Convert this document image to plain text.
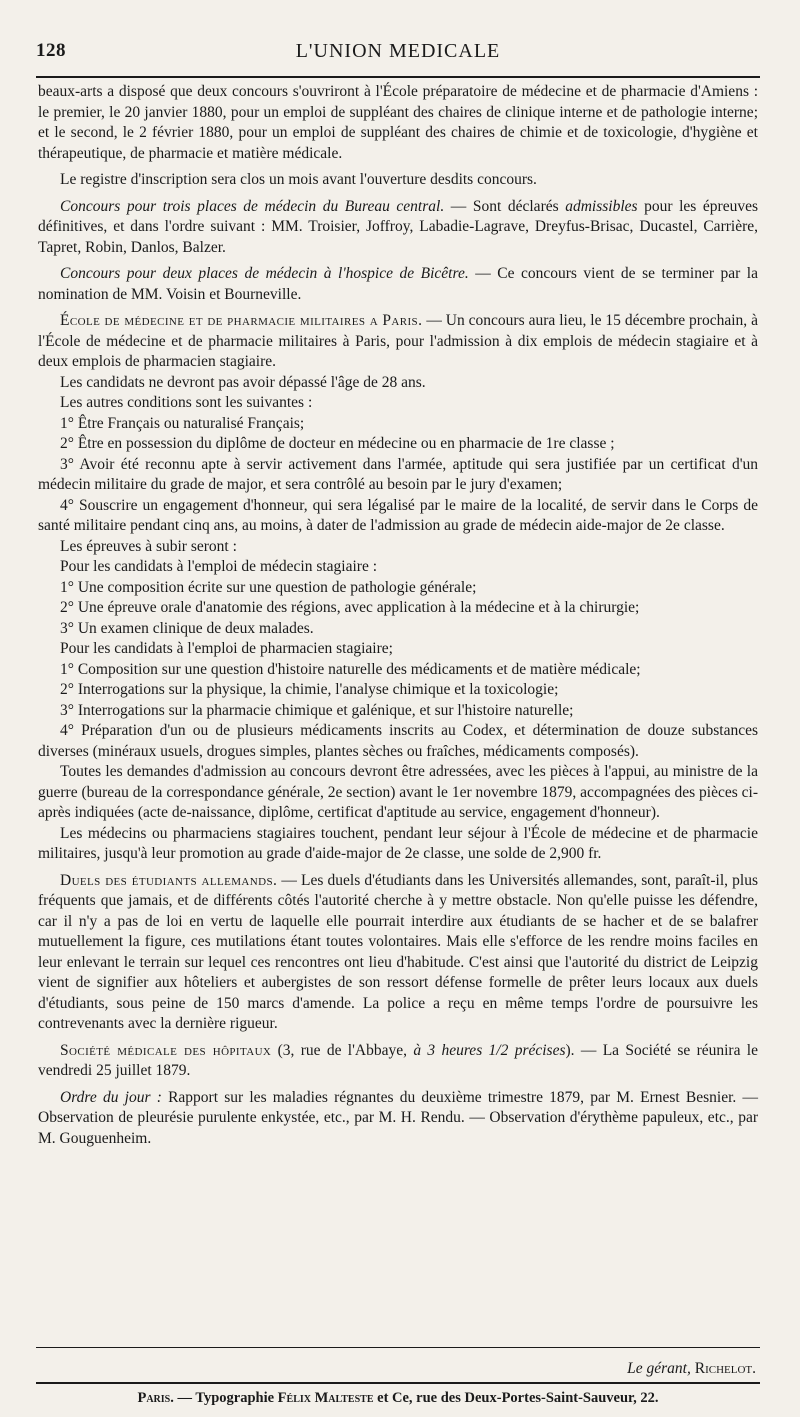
128	L'UNION MEDICALE

beaux-arts a disposé que deux concours s'ouvriront à l'École préparatoire de médecine et de pharmacie d'Amiens : le premier, le 20 janvier 1880, pour un emploi de suppléant des chaires de clinique interne et de pathologie interne; et le second, le 2 février 1880, pour un emploi de suppléant des chaires de chimie et de toxicologie, d'hygiène et thérapeutique, de pharmacie et matière médicale.

Le registre d'inscription sera clos un mois avant l'ouverture desdits concours.

Concours pour trois places de médecin du Bureau central. — Sont déclarés admissibles pour les épreuves définitives, et dans l'ordre suivant : MM. Troisier, Joffroy, Labadie-Lagrave, Dreyfus-Brisac, Ducastel, Carrière, Tapret, Robin, Danlos, Balzer.

Concours pour deux places de médecin à l'hospice de Bicêtre. — Ce concours vient de se terminer par la nomination de MM. Voisin et Bourneville.

École de médecine et de pharmacie militaires a Paris. — Un concours aura lieu, le 15 décembre prochain, à l'École de médecine et de pharmacie militaires à Paris, pour l'admission à dix emplois de médecin stagiaire et à deux emplois de pharmacien stagiaire.

Les candidats ne devront pas avoir dépassé l'âge de 28 ans.

Les autres conditions sont les suivantes :

1° Être Français ou naturalisé Français;

2° Être en possession du diplôme de docteur en médecine ou en pharmacie de 1re classe ;

3° Avoir été reconnu apte à servir activement dans l'armée, aptitude qui sera justifiée par un certificat d'un médecin militaire du grade de major, et sera contrôlé au besoin par le jury d'examen;

4° Souscrire un engagement d'honneur, qui sera légalisé par le maire de la localité, de servir dans le Corps de santé militaire pendant cinq ans, au moins, à dater de l'admission au grade de médecin aide-major de 2e classe.

Les épreuves à subir seront :

Pour les candidats à l'emploi de médecin stagiaire :

1° Une composition écrite sur une question de pathologie générale;

2° Une épreuve orale d'anatomie des régions, avec application à la médecine et à la chirurgie;

3° Un examen clinique de deux malades.

Pour les candidats à l'emploi de pharmacien stagiaire;

1° Composition sur une question d'histoire naturelle des médicaments et de matière médicale;

2° Interrogations sur la physique, la chimie, l'analyse chimique et la toxicologie;

3° Interrogations sur la pharmacie chimique et galénique, et sur l'histoire naturelle;

4° Préparation d'un ou de plusieurs médicaments inscrits au Codex, et détermination de douze substances diverses (minéraux usuels, drogues simples, plantes sèches ou fraîches, médicaments composés).

Toutes les demandes d'admission au concours devront être adressées, avec les pièces à l'appui, au ministre de la guerre (bureau de la correspondance générale, 2e section) avant le 1er novembre 1879, accompagnées des pièces ci-après indiquées (acte de-naissance, diplôme, certificat d'aptitude au service, engagement d'honneur).

Les médecins ou pharmaciens stagiaires touchent, pendant leur séjour à l'École de médecine et de pharmacie militaires, jusqu'à leur promotion au grade d'aide-major de 2e classe, une solde de 2,900 fr.

Duels des étudiants allemands. — Les duels d'étudiants dans les Universités allemandes, sont, paraît-il, plus fréquents que jamais, et de différents côtés l'autorité cherche à y mettre obstacle. Non qu'elle puisse les défendre, car il n'y a pas de loi en vertu de laquelle elle pourrait interdire aux étudiants de se hacher et de se balafrer mutuellement la figure, ces mutilations étant toutes volontaires. Mais elle s'efforce de les rendre moins faciles en leur enlevant le terrain sur lequel ces rencontres ont lieu d'habitude. C'est ainsi que l'autorité du district de Leipzig vient de signifier aux hôteliers et aubergistes de son ressort défense formelle de prêter leurs locaux aux duels d'étudiants, sous peine de 150 marcs d'amende. La police a reçu en même temps l'ordre de poursuivre les contrevenants avec la dernière rigueur.

Société médicale des hôpitaux (3, rue de l'Abbaye, à 3 heures 1/2 précises). — La Société se réunira le vendredi 25 juillet 1879.

Ordre du jour : Rapport sur les maladies régnantes du deuxième trimestre 1879, par M. Ernest Besnier. — Observation de pleurésie purulente enkystée, etc., par M. H. Rendu. — Observation d'érythème papuleux, etc., par M. Gouguenheim.

Le gérant, Richelot.
Paris. — Typographie Félix Malteste et Ce, rue des Deux-Portes-Saint-Sauveur, 22.
